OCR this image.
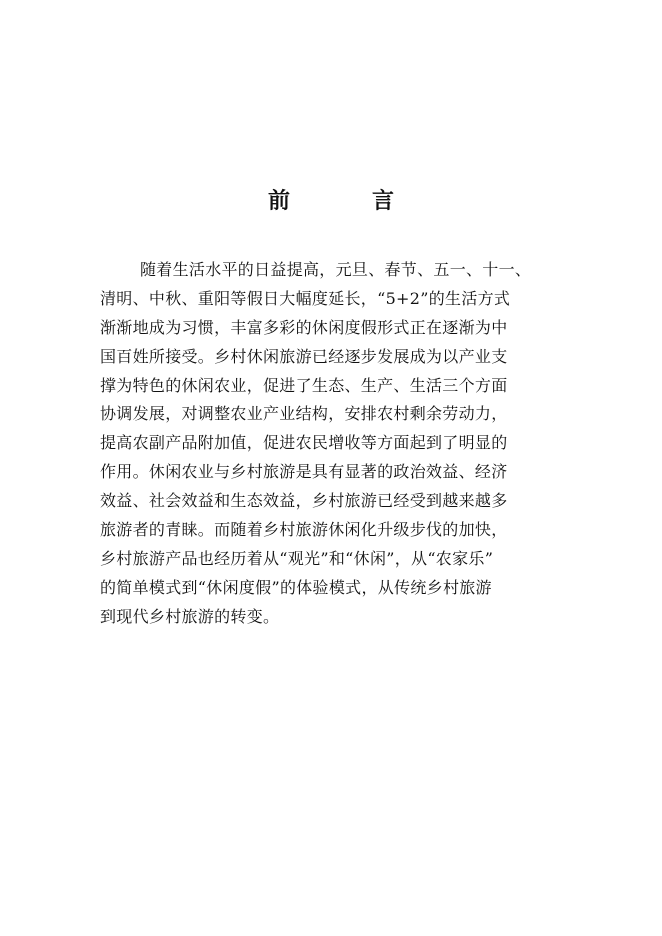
前　言
随着生活水平的日益提高，元旦、春节、五一、十一、
清明、中秋、重阳等假日大幅度延长，“5+2”的生活方式
渐渐地成为习惯，丰富多彩的休闲度假形式正在逐渐为中
国百姓所接受。乡村休闲旅游已经逐步发展成为以产业支
撑为特色的休闲农业，促进了生态、生产、生活三个方面
协调发展，对调整农业产业结构，安排农村剩余劳动力，
提高农副产品附加值，促进农民增收等方面起到了明显的
作用。休闲农业与乡村旅游是具有显著的政治效益、经济
效益、社会效益和生态效益，乡村旅游已经受到越来越多
旅游者的青睐。而随着乡村旅游休闲化升级步伐的加快，
乡村旅游产品也经历着从“观光”和“休闲”，从“农家乐”
的简单模式到“休闲度假”的体验模式，从传统乡村旅游
到现代乡村旅游的转变。
